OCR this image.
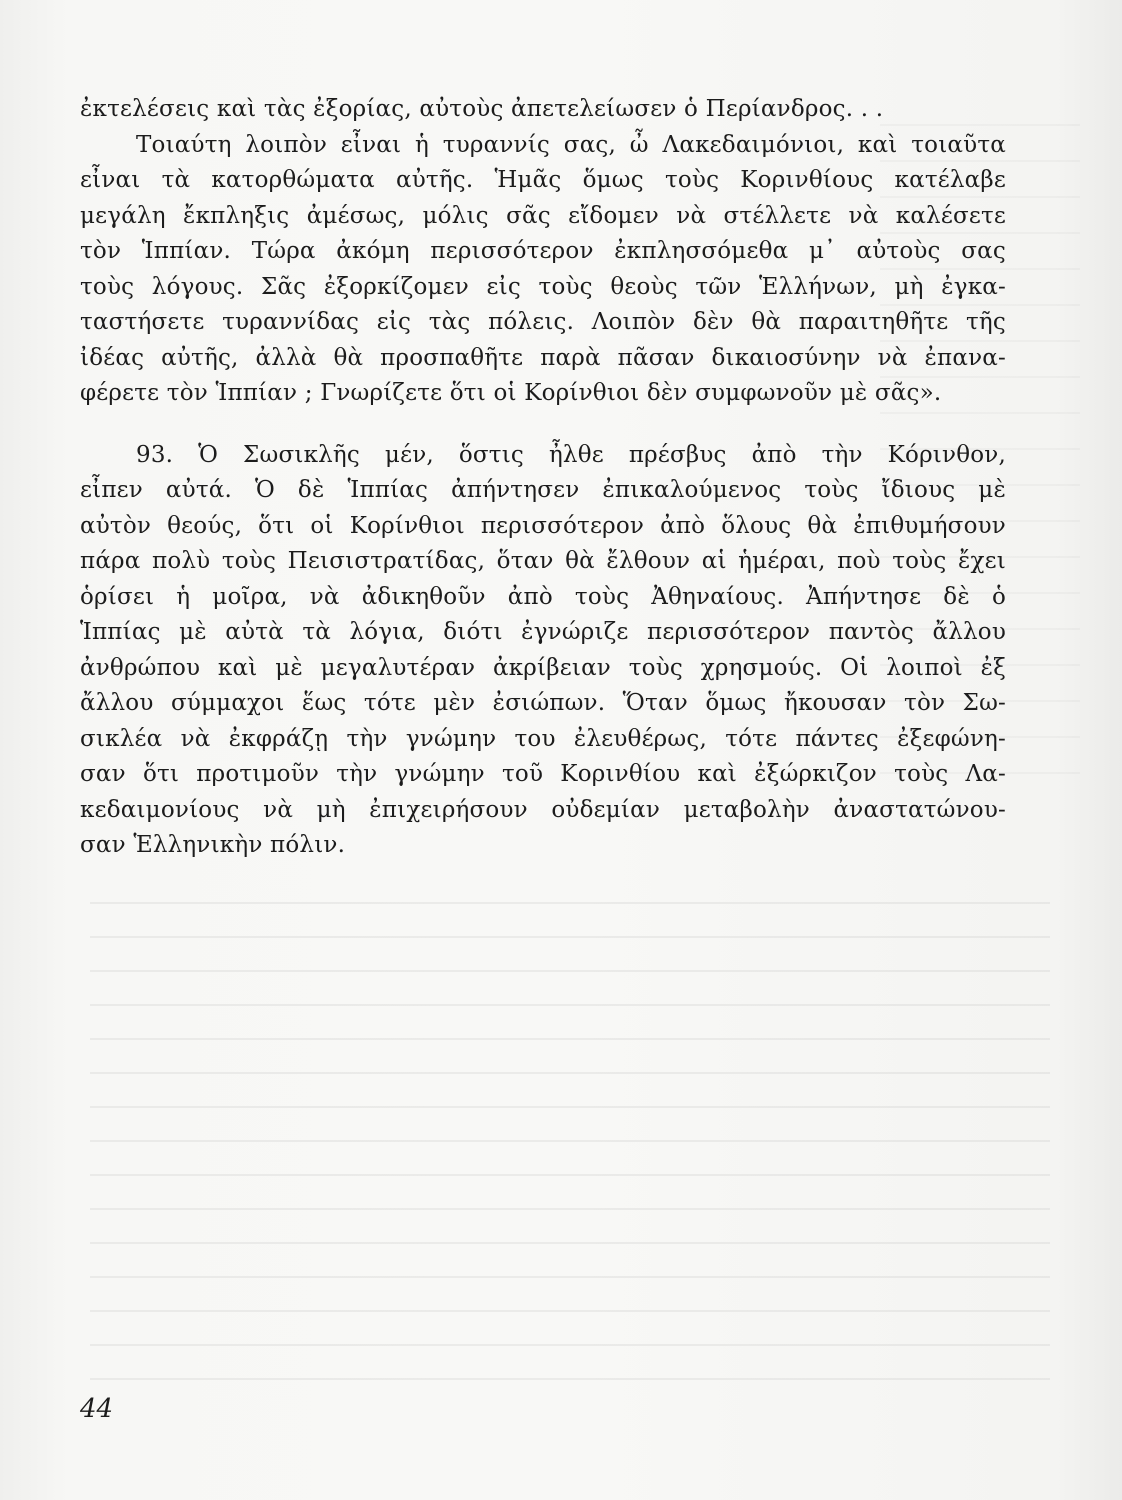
ἐκτελέσεις καὶ τὰς ἐξορίας, αὐτοὺς ἀπετελείωσεν ὁ Περίανδρος. . .
Τοιαύτη λοιπὸν εἶναι ἡ τυραννίς σας, ὦ Λακεδαιμόνιοι, καὶ τοιαῦτα
εἶναι τὰ κατορθώματα αὐτῆς. Ἡμᾶς ὅμως τοὺς Κορινθίους κατέλαβε
μεγάλη ἔκπληξις ἀμέσως, μόλις σᾶς εἴδομεν νὰ στέλλετε νὰ καλέσετε
τὸν Ἱππίαν. Τώρα ἀκόμη περισσότερον ἐκπλησσόμεθα μ᾽ αὐτοὺς σας
τοὺς λόγους. Σᾶς ἐξορκίζομεν εἰς τοὺς θεοὺς τῶν Ἑλλήνων, μὴ ἐγκα-
ταστήσετε τυραννίδας εἰς τὰς πόλεις. Λοιπὸν δὲν θὰ παραιτηθῆτε τῆς
ἰδέας αὐτῆς, ἀλλὰ θὰ προσπαθῆτε παρὰ πᾶσαν δικαιοσύνην νὰ ἐπανα-
φέρετε τὸν Ἱππίαν ; Γνωρίζετε ὅτι οἱ Κορίνθιοι δὲν συμφωνοῦν μὲ σᾶς».
93. Ὁ Σωσικλῆς μέν, ὅστις ἦλθε πρέσβυς ἀπὸ τὴν Κόρινθον,
εἶπεν αὐτά. Ὁ δὲ Ἱππίας ἀπήντησεν ἐπικαλούμενος τοὺς ἴδιους μὲ
αὐτὸν θεούς, ὅτι οἱ Κορίνθιοι περισσότερον ἀπὸ ὅλους θὰ ἐπιθυμήσουν
πάρα πολὺ τοὺς Πεισιστρατίδας, ὅταν θὰ ἔλθουν αἱ ἡμέραι, ποὺ τοὺς ἔχει
ὁρίσει ἡ μοῖρα, νὰ ἀδικηθοῦν ἀπὸ τοὺς Ἀθηναίους. Ἀπήντησε δὲ ὁ
Ἱππίας μὲ αὐτὰ τὰ λόγια, διότι ἐγνώριζε περισσότερον παντὸς ἄλλου
ἀνθρώπου καὶ μὲ μεγαλυτέραν ἀκρίβειαν τοὺς χρησμούς. Οἱ λοιποὶ ἐξ
ἄλλου σύμμαχοι ἕως τότε μὲν ἐσιώπων. Ὅταν ὅμως ἤκουσαν τὸν Σω-
σικλέα νὰ ἐκφράζῃ τὴν γνώμην του ἐλευθέρως, τότε πάντες ἐξεφώνη-
σαν ὅτι προτιμοῦν τὴν γνώμην τοῦ Κορινθίου καὶ ἐξώρκιζον τοὺς Λα-
κεδαιμονίους νὰ μὴ ἐπιχειρήσουν οὐδεμίαν μεταβολὴν ἀναστατώνου-
σαν Ἑλληνικὴν πόλιν.
44
